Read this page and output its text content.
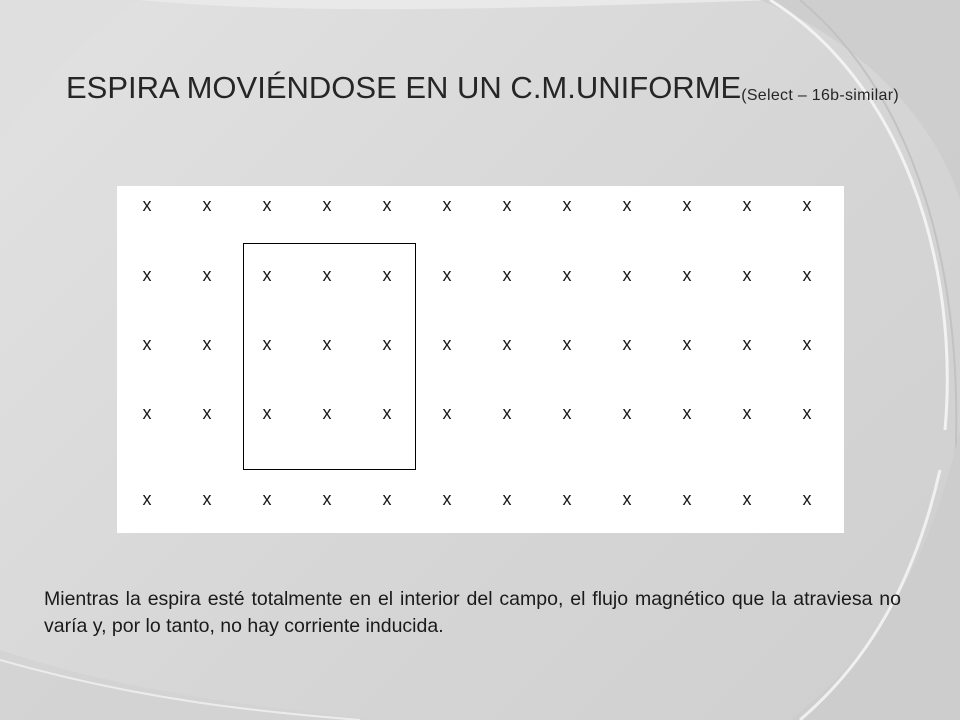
ESPIRA MOVIÉNDOSE EN UN C.M.UNIFORME(Select – 16b-similar)
x	x	x	x	x	x	x	x	x	x	x	x
x	x	x	x	x	x	x	x	x	x	x	x
x	x	x	x	x	x	x	x	x	x	x	x
x	x	x	x	x	x	x	x	x	x	x	x
x	x	x	x	x	x	x	x	x	x	x	x
Mientras la espira esté totalmente en el interior del campo, el flujo magnético que la atraviesa no varía y, por lo tanto, no hay corriente inducida.
